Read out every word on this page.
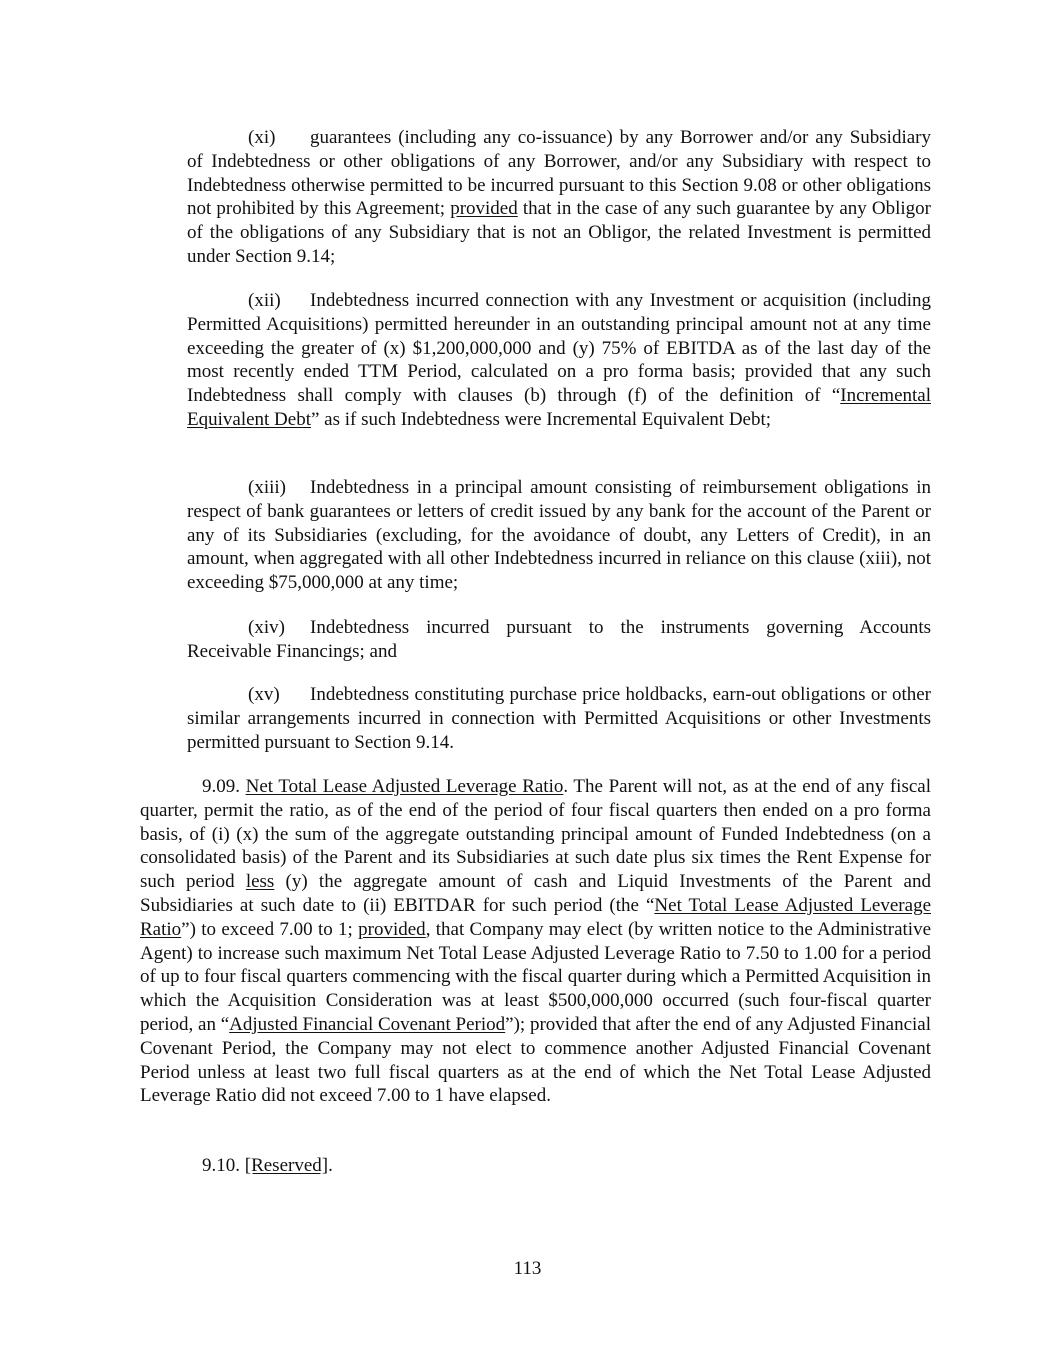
(xi) guarantees (including any co-issuance) by any Borrower and/or any Subsidiary of Indebtedness or other obligations of any Borrower, and/or any Subsidiary with respect to Indebtedness otherwise permitted to be incurred pursuant to this Section 9.08 or other obligations not prohibited by this Agreement; provided that in the case of any such guarantee by any Obligor of the obligations of any Subsidiary that is not an Obligor, the related Investment is permitted under Section 9.14;

(xii) Indebtedness incurred connection with any Investment or acquisition (including Permitted Acquisitions) permitted hereunder in an outstanding principal amount not at any time exceeding the greater of (x) $1,200,000,000 and (y) 75% of EBITDA as of the last day of the most recently ended TTM Period, calculated on a pro forma basis; provided that any such Indebtedness shall comply with clauses (b) through (f) of the definition of “Incremental Equivalent Debt” as if such Indebtedness were Incremental Equivalent Debt;

(xiii) Indebtedness in a principal amount consisting of reimbursement obligations in respect of bank guarantees or letters of credit issued by any bank for the account of the Parent or any of its Subsidiaries (excluding, for the avoidance of doubt, any Letters of Credit), in an amount, when aggregated with all other Indebtedness incurred in reliance on this clause (xiii), not exceeding $75,000,000 at any time;

(xiv) Indebtedness incurred pursuant to the instruments governing Accounts Receivable Financings; and

(xv) Indebtedness constituting purchase price holdbacks, earn-out obligations or other similar arrangements incurred in connection with Permitted Acquisitions or other Investments permitted pursuant to Section 9.14.

9.09. Net Total Lease Adjusted Leverage Ratio. The Parent will not, as at the end of any fiscal quarter, permit the ratio, as of the end of the period of four fiscal quarters then ended on a pro forma basis, of (i) (x) the sum of the aggregate outstanding principal amount of Funded Indebtedness (on a consolidated basis) of the Parent and its Subsidiaries at such date plus six times the Rent Expense for such period less (y) the aggregate amount of cash and Liquid Investments of the Parent and Subsidiaries at such date to (ii) EBITDAR for such period (the “Net Total Lease Adjusted Leverage Ratio”) to exceed 7.00 to 1; provided, that Company may elect (by written notice to the Administrative Agent) to increase such maximum Net Total Lease Adjusted Leverage Ratio to 7.50 to 1.00 for a period of up to four fiscal quarters commencing with the fiscal quarter during which a Permitted Acquisition in which the Acquisition Consideration was at least $500,000,000 occurred (such four-fiscal quarter period, an “Adjusted Financial Covenant Period”); provided that after the end of any Adjusted Financial Covenant Period, the Company may not elect to commence another Adjusted Financial Covenant Period unless at least two full fiscal quarters as at the end of which the Net Total Lease Adjusted Leverage Ratio did not exceed 7.00 to 1 have elapsed.

9.10. [Reserved].

113
